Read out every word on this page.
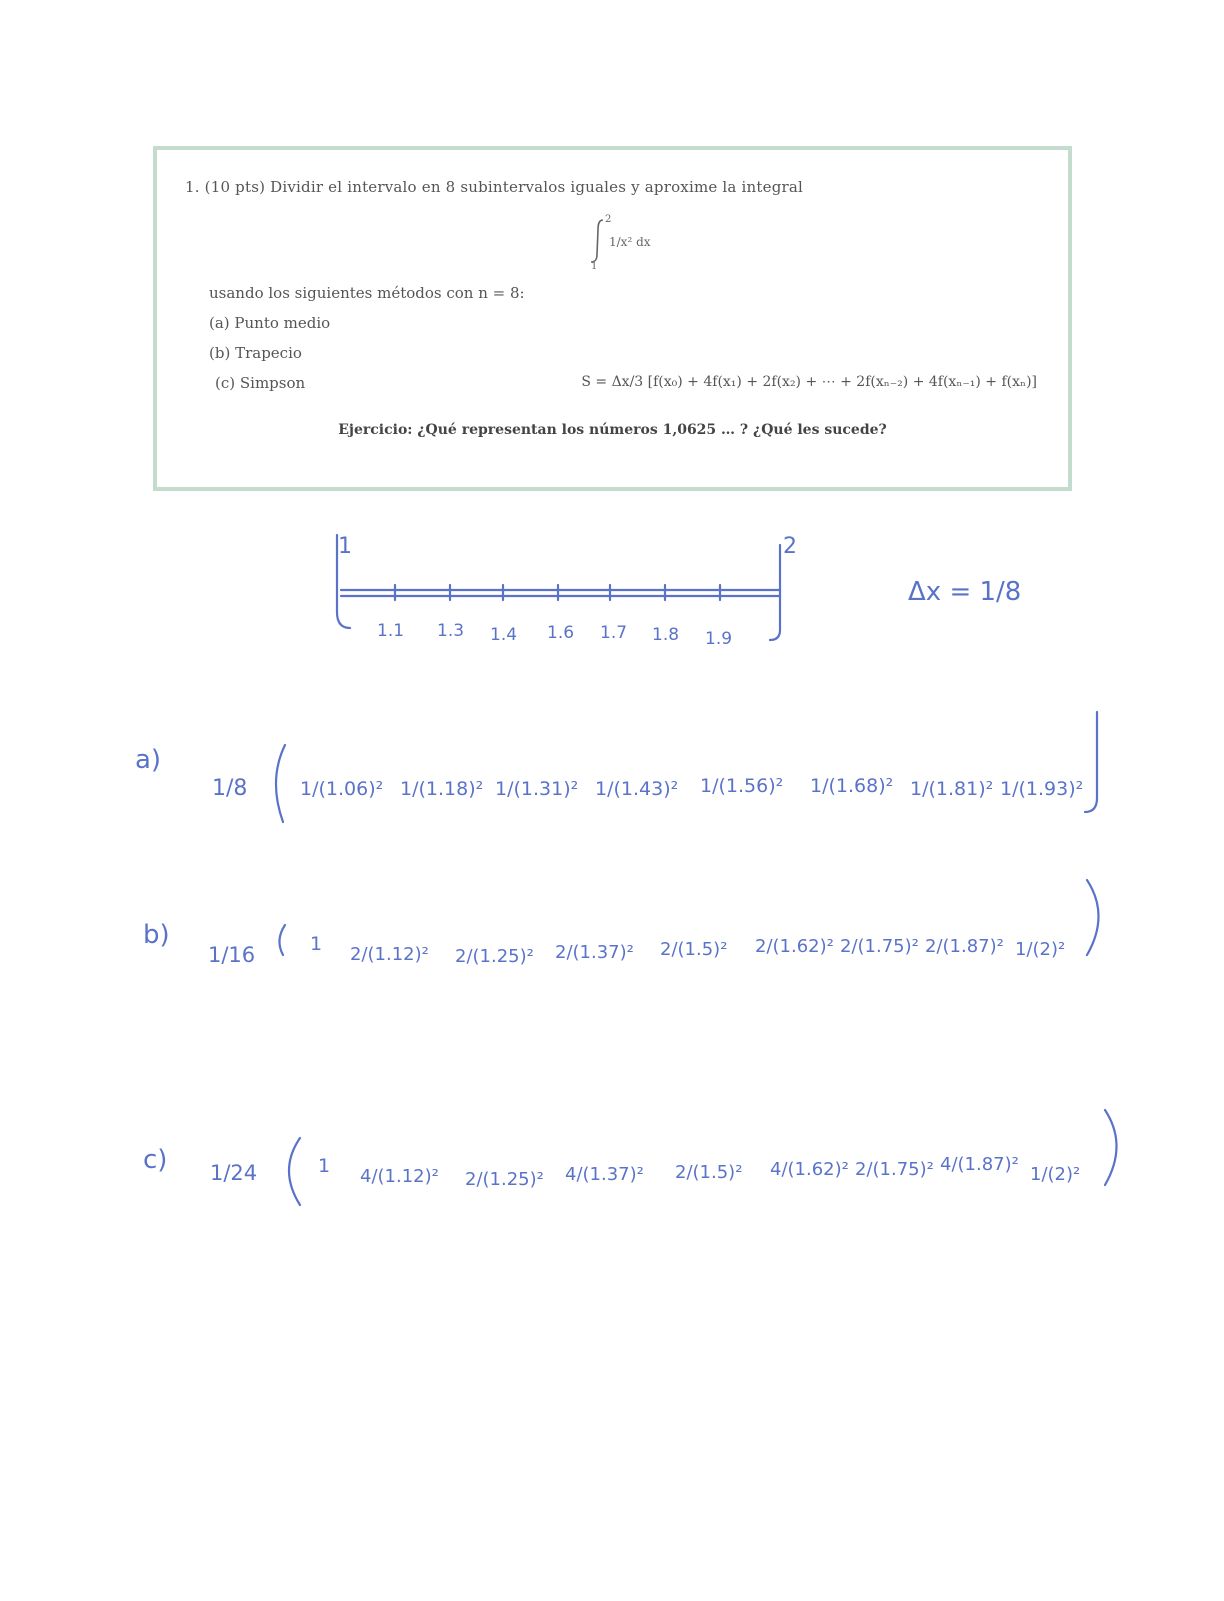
1. (10 pts) Dividir el intervalo en 8 subintervalos iguales y aproxime la integral
2
1
1/x² dx
usando los siguientes métodos con n = 8:
(a) Punto medio
(b) Trapecio
(c) Simpson	S = Δx/3 [f(x₀) + 4f(x₁) + 2f(x₂) + ⋯ + 2f(xₙ₋₂) + 4f(xₙ₋₁) + f(xₙ)]
Ejercicio: ¿Qué representan los números 1,0625 … ? ¿Qué les sucede?
1	2
1.1 1.3 1.4 1.6 1.7 1.8 1.9
Δx = 1/8
a)
1/8	1/(1.06)² 1/(1.18)² 1/(1.31)² 1/(1.43)² 1/(1.56)² 1/(1.68)² 1/(1.81)² 1/(1.93)²
b)
1/16	1 2/(1.12)² 2/(1.25)² 2/(1.37)² 2/(1.5)² 2/(1.62)² 2/(1.75)² 2/(1.87)² 1/(2)²
c) 1/24	1 4/(1.12)² 2/(1.25)² 4/(1.37)² 2/(1.5)² 4/(1.62)² 2/(1.75)² 4/(1.87)² 1/(2)²
